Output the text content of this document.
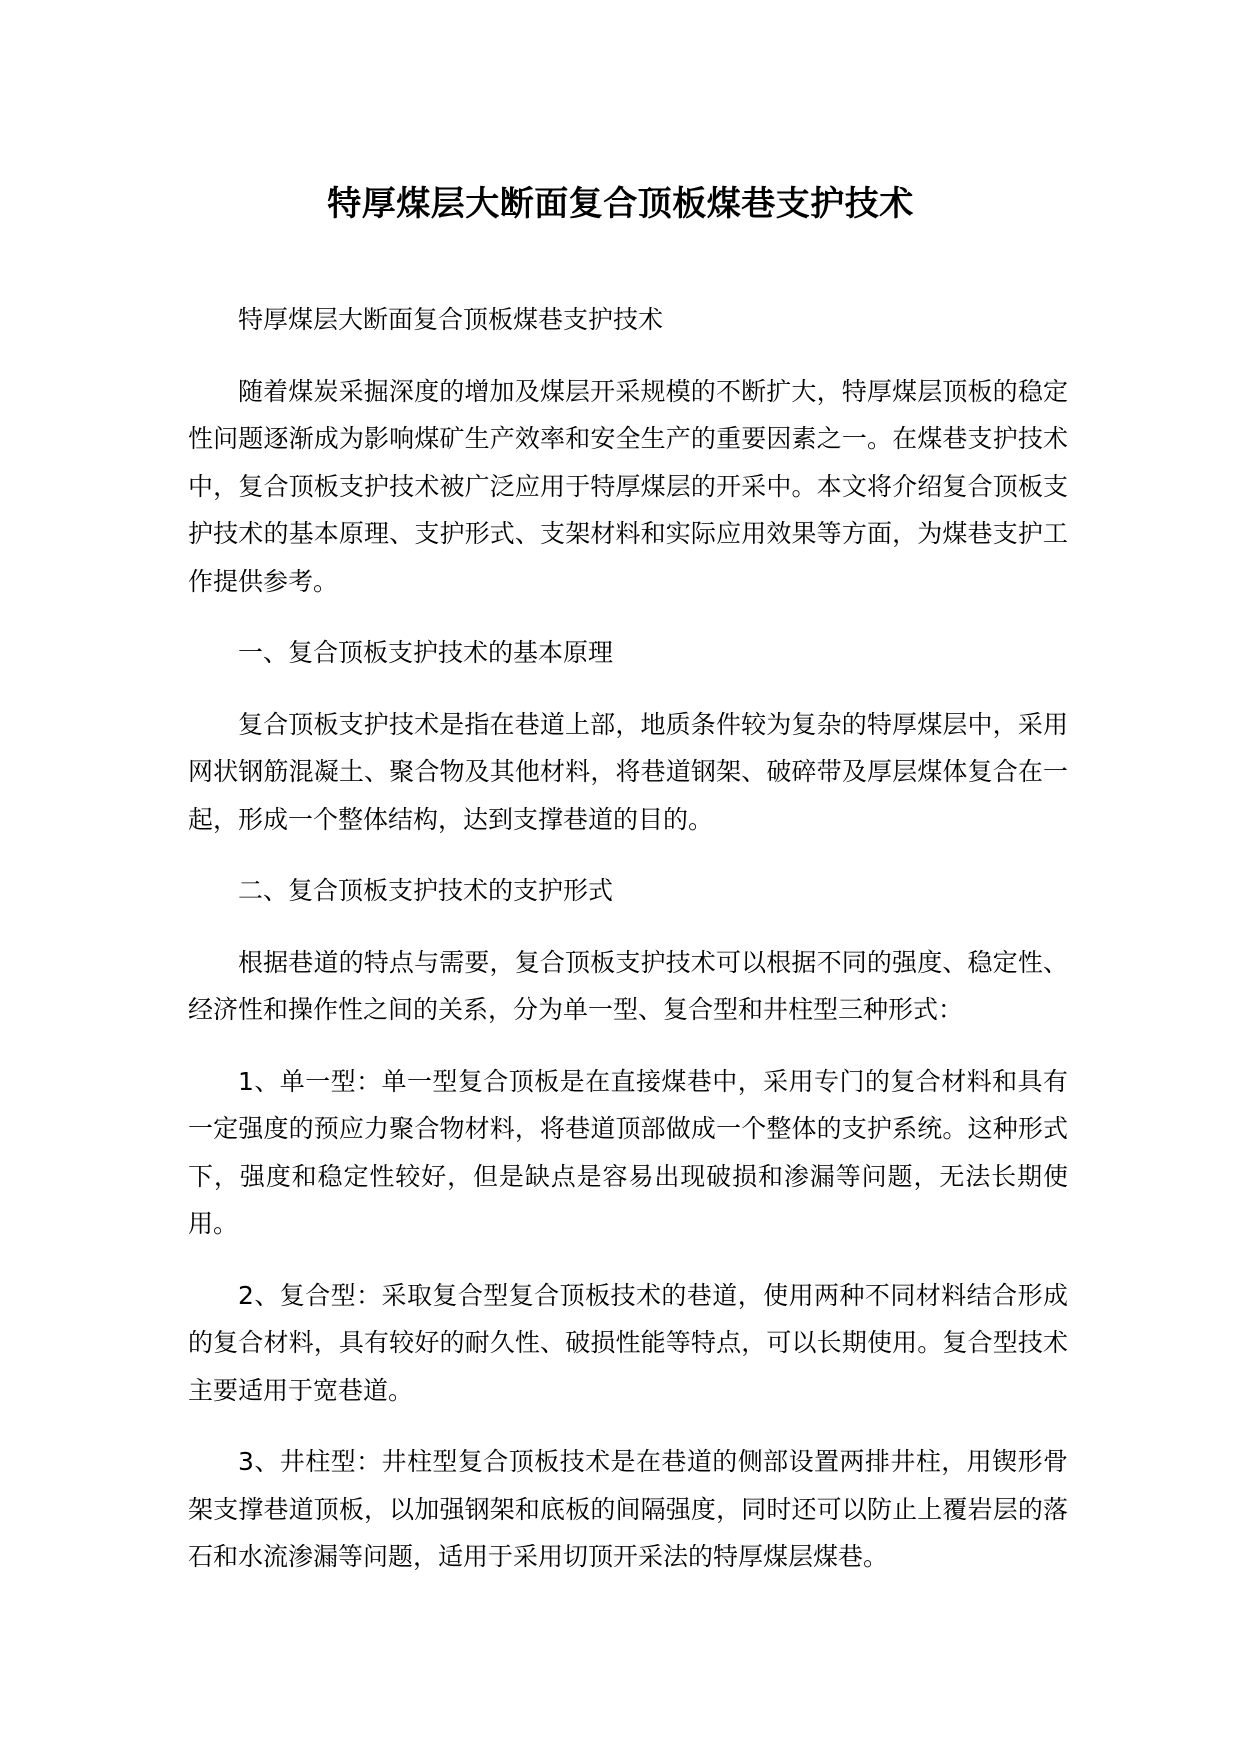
特厚煤层大断面复合顶板煤巷支护技术

特厚煤层大断面复合顶板煤巷支护技术

随着煤炭采掘深度的增加及煤层开采规模的不断扩大，特厚煤层顶板的稳定性问题逐渐成为影响煤矿生产效率和安全生产的重要因素之一。在煤巷支护技术中，复合顶板支护技术被广泛应用于特厚煤层的开采中。本文将介绍复合顶板支护技术的基本原理、支护形式、支架材料和实际应用效果等方面，为煤巷支护工作提供参考。

一、复合顶板支护技术的基本原理

复合顶板支护技术是指在巷道上部，地质条件较为复杂的特厚煤层中，采用网状钢筋混凝土、聚合物及其他材料，将巷道钢架、破碎带及厚层煤体复合在一起，形成一个整体结构，达到支撑巷道的目的。

二、复合顶板支护技术的支护形式

根据巷道的特点与需要，复合顶板支护技术可以根据不同的强度、稳定性、经济性和操作性之间的关系，分为单一型、复合型和井柱型三种形式：

1、单一型：单一型复合顶板是在直接煤巷中，采用专门的复合材料和具有一定强度的预应力聚合物材料，将巷道顶部做成一个整体的支护系统。这种形式下，强度和稳定性较好，但是缺点是容易出现破损和渗漏等问题，无法长期使用。

2、复合型：采取复合型复合顶板技术的巷道，使用两种不同材料结合形成的复合材料，具有较好的耐久性、破损性能等特点，可以长期使用。复合型技术主要适用于宽巷道。

3、井柱型：井柱型复合顶板技术是在巷道的侧部设置两排井柱，用锲形骨架支撑巷道顶板，以加强钢架和底板的间隔强度，同时还可以防止上覆岩层的落石和水流渗漏等问题，适用于采用切顶开采法的特厚煤层煤巷。
